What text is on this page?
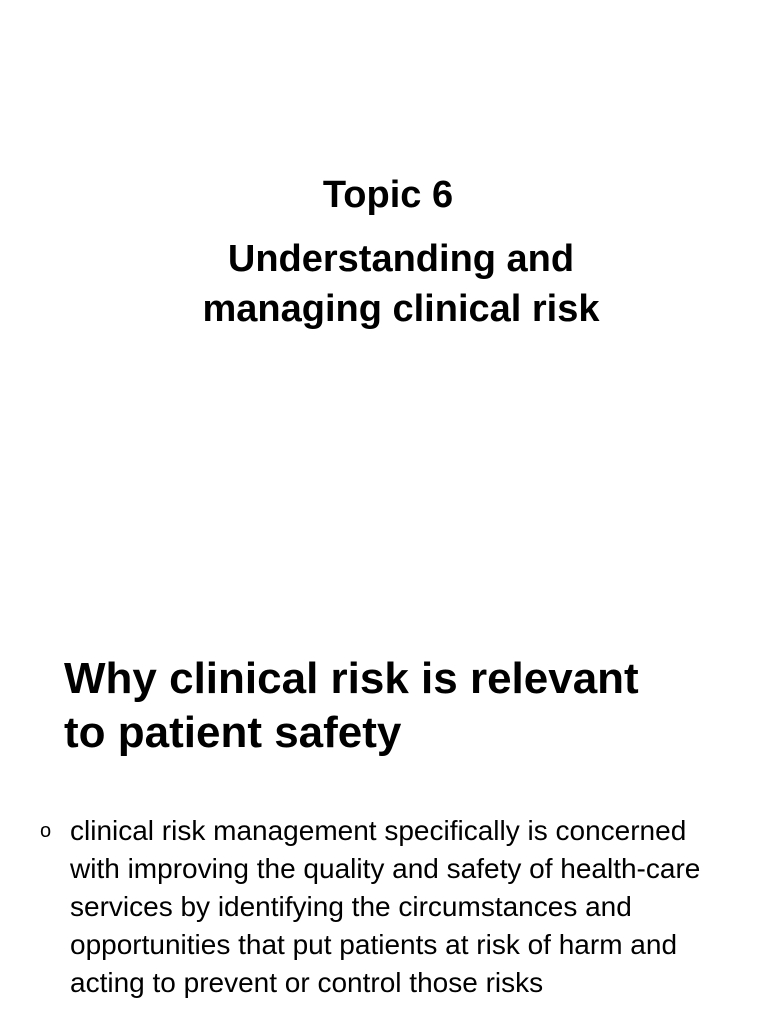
Topic 6
Understanding and
managing clinical risk
Why clinical risk is relevant
to patient safety
o clinical risk management specifically is concerned with improving the quality and safety of health-care services by identifying the circumstances and opportunities that put patients at risk of harm and acting to prevent or control those risks
